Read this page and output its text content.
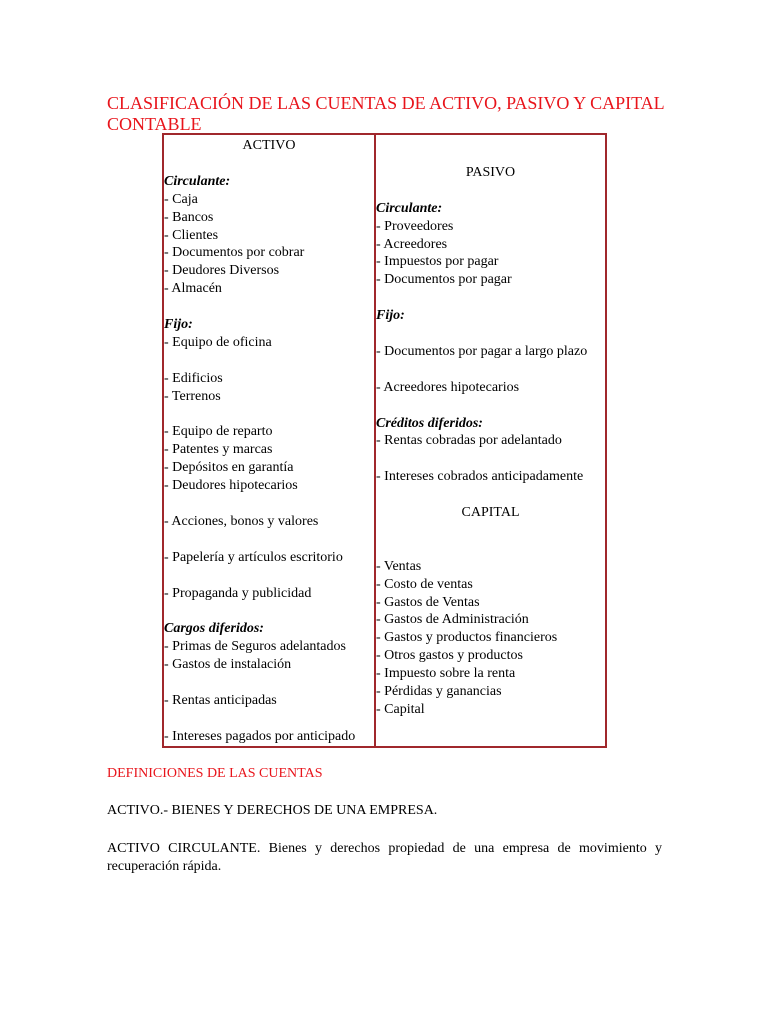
CLASIFICACIÓN DE LAS CUENTAS DE ACTIVO, PASIVO Y CAPITAL CONTABLE
ACTIVO
Circulante:
- Caja
- Bancos
- Clientes
- Documentos por cobrar
- Deudores Diversos
- Almacén
Fijo:
- Equipo de oficina
- Edificios
- Terrenos
- Equipo de reparto
- Patentes y marcas
- Depósitos en garantía
- Deudores hipotecarios
- Acciones, bonos y valores
- Papelería y artículos escritorio
- Propaganda y publicidad
Cargos diferidos:
- Primas de Seguros adelantados
- Gastos de instalación
- Rentas anticipadas
- Intereses pagados por anticipado
PASIVO
Circulante:
- Proveedores
- Acreedores
- Impuestos por pagar
- Documentos por pagar
Fijo:
- Documentos por pagar a largo plazo
- Acreedores hipotecarios
Créditos diferidos:
- Rentas cobradas por adelantado
- Intereses cobrados anticipadamente
CAPITAL
- Ventas
- Costo de ventas
- Gastos de Ventas
- Gastos de Administración
- Gastos y productos financieros
- Otros gastos y productos
- Impuesto sobre la renta
- Pérdidas y ganancias
- Capital
DEFINICIONES DE LAS CUENTAS
ACTIVO.- BIENES Y DERECHOS DE UNA EMPRESA.
ACTIVO CIRCULANTE. Bienes y derechos propiedad de una empresa de movimiento y recuperación rápida.
